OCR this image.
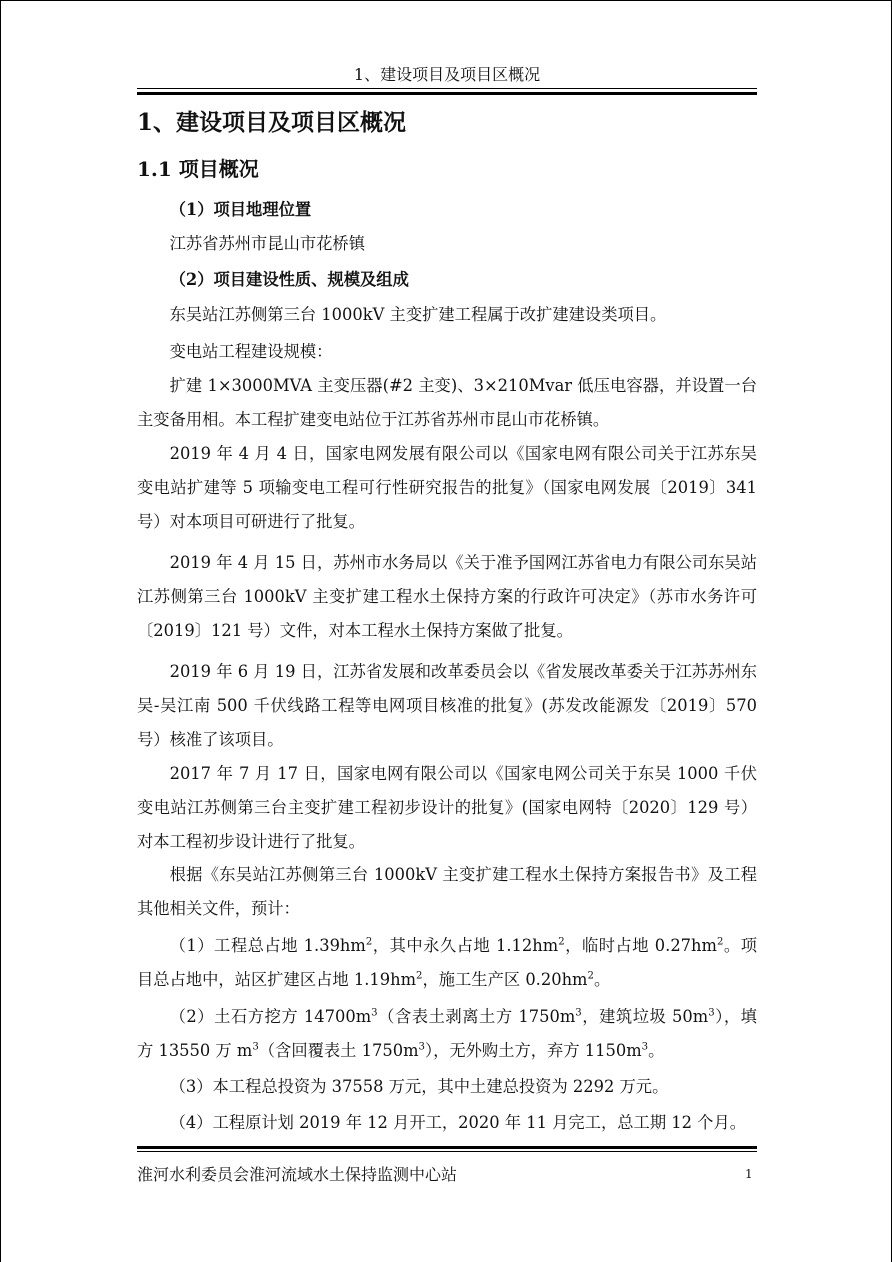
1、建设项目及项目区概况
1、建设项目及项目区概况
1.1 项目概况

（1）项目地理位置

江苏省苏州市昆山市花桥镇

（2）项目建设性质、规模及组成

东吴站江苏侧第三台 1000kV 主变扩建工程属于改扩建建设类项目。

变电站工程建设规模：

扩建 1×3000MVA 主变压器(#2 主变)、3×210Mvar 低压电容器，并设置一台主变备用相。本工程扩建变电站位于江苏省苏州市昆山市花桥镇。

2019 年 4 月 4 日，国家电网发展有限公司以《国家电网有限公司关于江苏东吴变电站扩建等 5 项输变电工程可行性研究报告的批复》（国家电网发展〔2019〕341 号）对本项目可研进行了批复。

2019 年 4 月 15 日，苏州市水务局以《关于准予国网江苏省电力有限公司东吴站江苏侧第三台 1000kV 主变扩建工程水土保持方案的行政许可决定》（苏市水务许可〔2019〕121 号）文件，对本工程水土保持方案做了批复。

2019 年 6 月 19 日，江苏省发展和改革委员会以《省发展改革委关于江苏苏州东吴-吴江南 500 千伏线路工程等电网项目核准的批复》(苏发改能源发〔2019〕570 号）核准了该项目。

2017 年 7 月 17 日，国家电网有限公司以《国家电网公司关于东吴 1000 千伏变电站江苏侧第三台主变扩建工程初步设计的批复》(国家电网特〔2020〕129 号）对本工程初步设计进行了批复。

根据《东吴站江苏侧第三台 1000kV 主变扩建工程水土保持方案报告书》及工程其他相关文件，预计：

（1）工程总占地 $1.39hm^2$，其中永久占地 $1.12hm^2$，临时占地 $0.27hm^2$。项目总占地中，站区扩建区占地 $1.19hm^2$，施工生产区 $0.20hm^2$。

（2）土石方挖方 $14700m^3$（含表土剥离土方 $1750m^3$，建筑垃圾 $50m^3$），填方 13550 万 $m^3$（含回覆表土 $1750m^3$），无外购土方，弃方 $1150m^3$。

（3）本工程总投资为 37558 万元，其中土建总投资为 2292 万元。

（4）工程原计划 2019 年 12 月开工，2020 年 11 月完工，总工期 12 个月。

淮河水利委员会淮河流域水土保持监测中心站	1
